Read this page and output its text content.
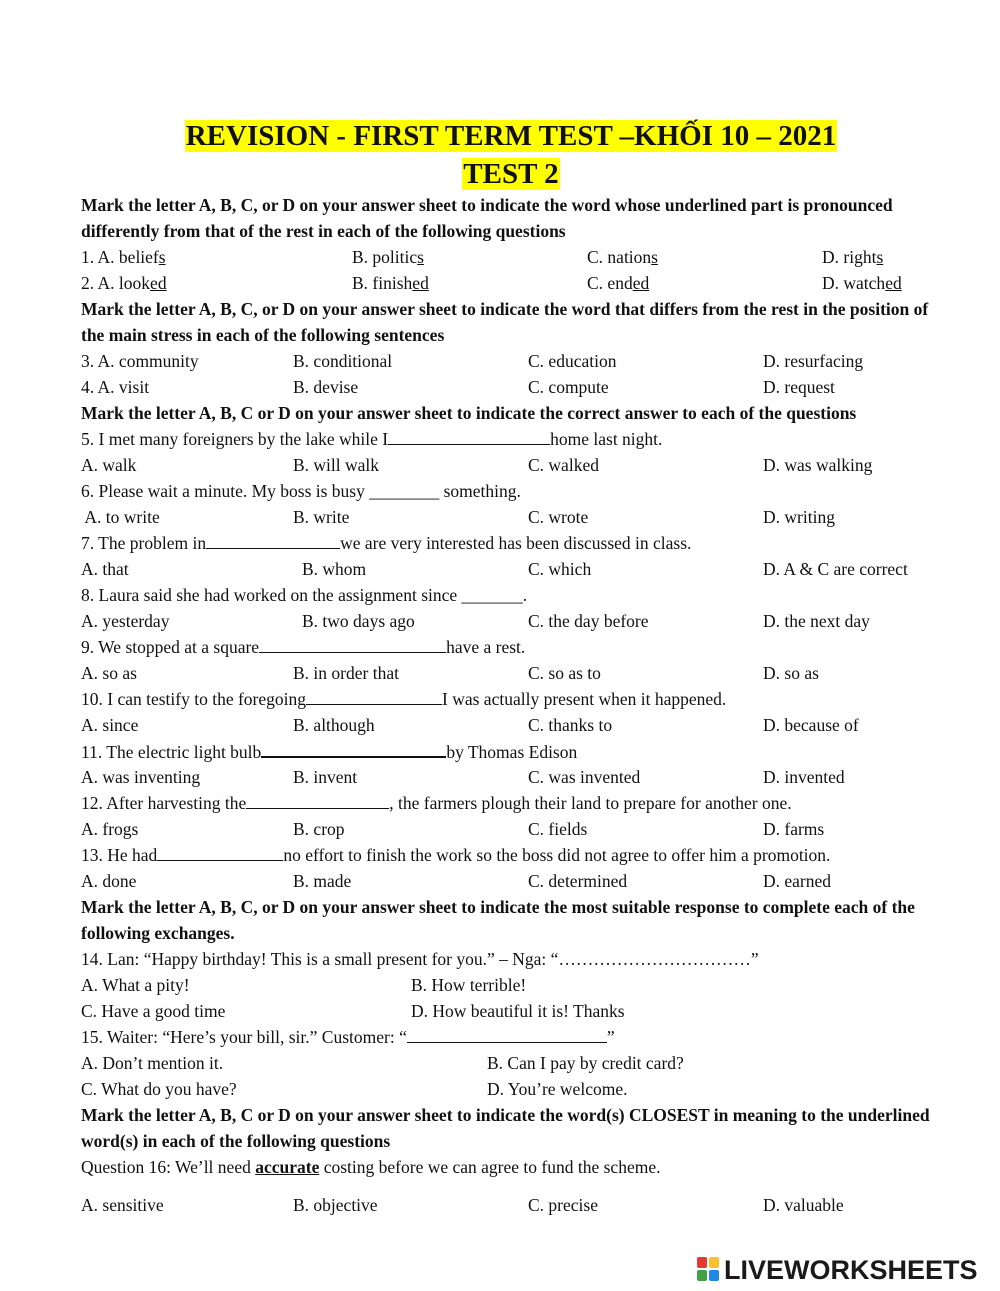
REVISION - FIRST TERM TEST –KHỐI 10 – 2021
TEST 2
Mark the letter A, B, C, or D on your answer sheet to indicate the word whose underlined part is pronounced differently from that of the rest in each of the following questions
1. A. beliefs	B. politics	C. nations	D. rights
2. A. looked	B. finished	C. ended	D. watched
Mark the letter A, B, C, or D on your answer sheet to indicate the word that differs from the rest in the position of the main stress in each of the following sentences
3. A. community	B. conditional	C. education	D. resurfacing
4. A. visit	B. devise	C. compute	D. request
Mark the letter A, B, C or D on your answer sheet to indicate the correct answer to each of the questions
5. I met many foreigners by the lake while I	home last night.
A. walk	B. will walk	C. walked	D. was walking
6. Please wait a minute. My boss is busy ________ something.
A. to write	B. write	C. wrote	D. writing
7. The problem in	we are very interested has been discussed in class.
A. that	B. whom	C. which	D. A & C are correct
8. Laura said she had worked on the assignment since _______.
A. yesterday	B. two days ago	C. the day before	D. the next day
9. We stopped at a square	have a rest.
A. so as	B. in order that	C. so as to	D. so as
10. I can testify to the foregoing	I was actually present when it happened.
A. since	B. although	C. thanks to	D. because of
11. The electric light bulb	by Thomas Edison
A. was inventing	B. invent	C. was invented	D. invented
12. After harvesting the	, the farmers plough their land to prepare for another one.
A. frogs	B. crop	C. fields	D. farms
13. He had	no effort to finish the work so the boss did not agree to offer him a promotion.
A. done	B. made	C. determined	D. earned
Mark the letter A, B, C, or D on your answer sheet to indicate the most suitable response to complete each of the following exchanges.
14. Lan: “Happy birthday! This is a small present for you.” – Nga: “……………………………”
A. What a pity!	B. How terrible!
C. Have a good time	D. How beautiful it is! Thanks
15. Waiter: “Here’s your bill, sir.” Customer: “	”
A. Don’t mention it.	B. Can I pay by credit card?
C. What do you have?	D. You’re welcome.
Mark the letter A, B, C or D on your answer sheet to indicate the word(s) CLOSEST in meaning to the underlined word(s) in each of the following questions
Question 16: We’ll need accurate costing before we can agree to fund the scheme.
A. sensitive	B. objective	C. precise	D. valuable
LIVEWORKSHEETS
